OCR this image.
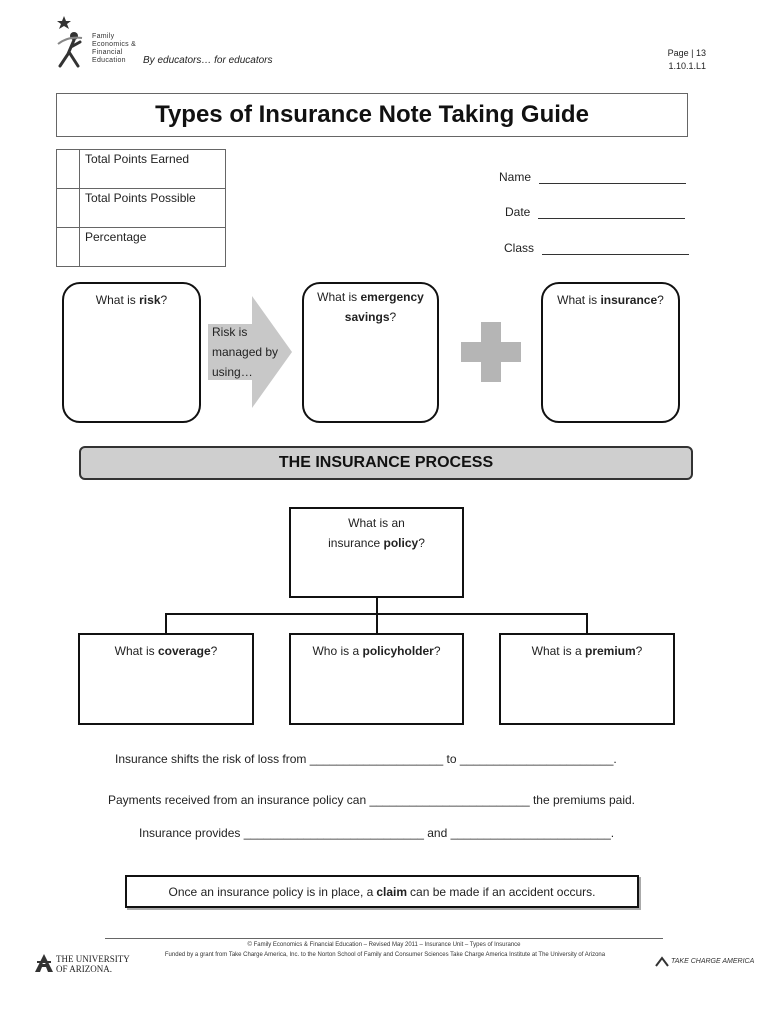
Family
Economics &
Financial
Education	By educators… for educators
Page | 13
1.10.1.L1
Types of Insurance Note Taking Guide
	Total Points Earned
	Total Points Possible
	Percentage
Name
Date
Class
What is risk?
Risk is
managed by
using…
What is emergency
savings?
What is insurance?
THE INSURANCE PROCESS
What is an
insurance policy?
What is coverage?	Who is a policyholder?	What is a premium?
Insurance shifts the risk of loss from ____________________ to _______________________.
Payments received from an insurance policy can ________________________ the premiums paid.
Insurance provides ___________________________ and ________________________.
Once an insurance policy is in place, a claim can be made if an accident occurs.
© Family Economics & Financial Education – Revised May 2011 – Insurance Unit – Types of Insurance
Funded by a grant from Take Charge America, Inc. to the Norton School of Family and Consumer Sciences Take Charge America Institute at The University of Arizona
THE UNIVERSITY
OF ARIZONA.
TAKE CHARGE AMERICA
